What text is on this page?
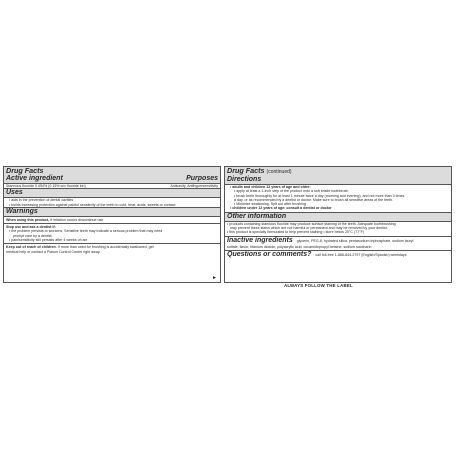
Drug Facts
Active ingredient	Purposes
Stannous fluoride 0.454% (0.15% w/v fluoride ion)	Anticavity, Antihypersensitivity
Uses
• aids in the prevention of dental cavities
• builds increasing protection against painful sensitivity of the teeth to cold, heat, acids, sweets or contact
Warnings
When using this product, if irritation occurs discontinue use
Stop use and ask a dentist if:
• the problem persists or worsens. Sensitive teeth may indicate a serious problem that may need
prompt care by a dentist.
• pain/sensitivity still persists after 4 weeks of use
Keep out of reach of children. If more than used for brushing is accidentally swallowed, get
medical help or contact a Poison Control Center right away.
►
Drug Facts (continued)
Directions
• adults and children 12 years of age and older:
• apply at least a 1-inch strip of the product onto a soft bristle toothbrush
• brush teeth thoroughly for at least 1 minute twice a day (morning and evening), and not more than 3 times
a day, or as recommended by a dentist or doctor. Make sure to brush all sensitive areas of the teeth.
• Minimize swallowing. Spit out after brushing
• children under 12 years of age: consult a dentist or doctor
Other information
• products containing stannous fluoride may produce surface staining of the teeth. Adequate toothbrushing
may prevent these stains which are not harmful or permanent and may be removed by your dentist.
• this product is specially formulated to help prevent staining • store below 25°C (77°F)
Inactive ingredients	glycerin, PEG-8, hydrated silica, pentasodium triphosphate, sodium lauryl
sulfate, flavor, titanium dioxide, polyacrylic acid, cocamidopropyl betaine, sodium saccharin
Questions or comments?	call toll-free 1-866-844-2797 (English/Spanish) weekdays
ALWAYS FOLLOW THE LABEL
